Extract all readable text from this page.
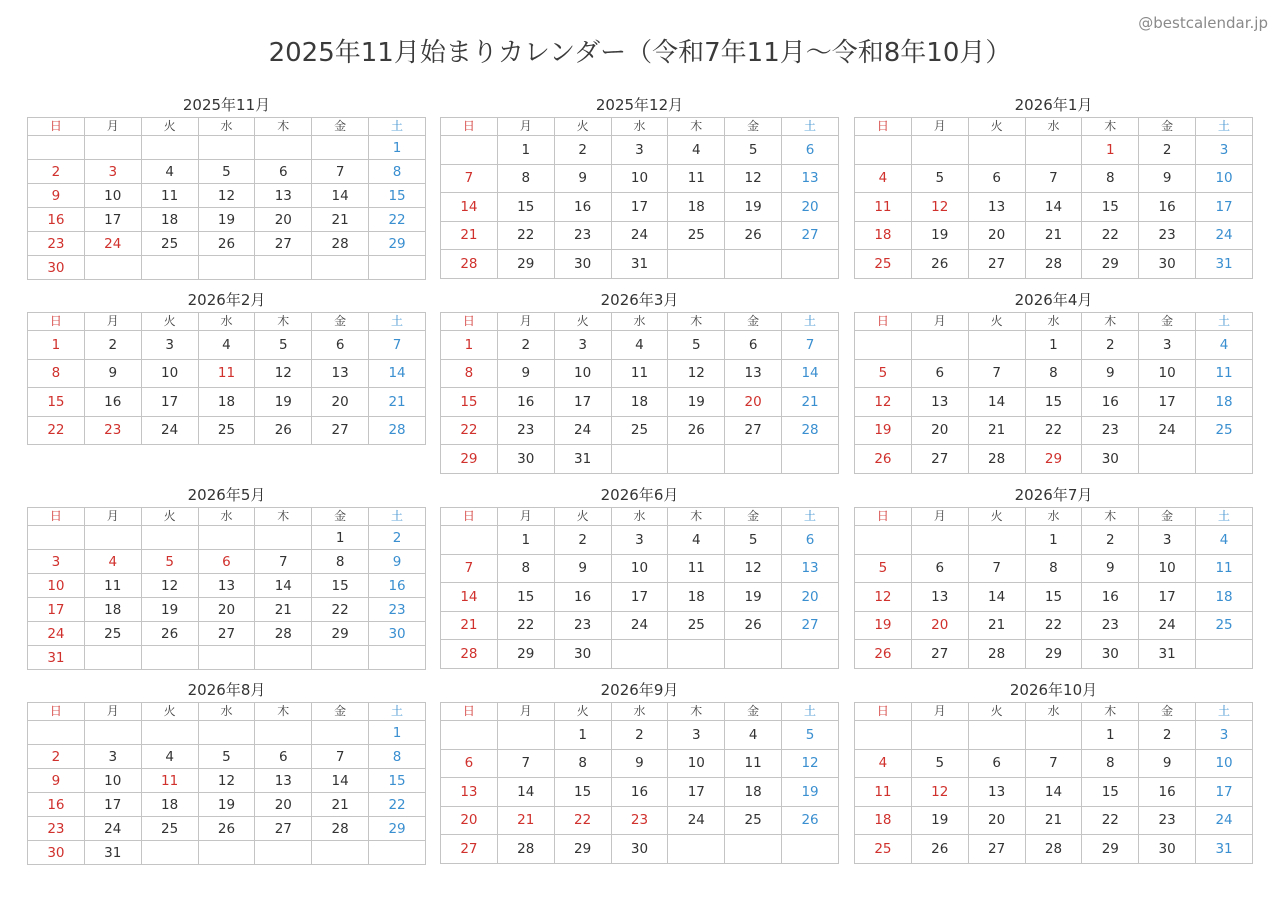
@bestcalendar.jp
2025年11月始まりカレンダー（令和7年11月〜令和8年10月）
2025年11月
日	月	火	水	木	金	土
						1
2	3	4	5	6	7	8
9	10	11	12	13	14	15
16	17	18	19	20	21	22
23	24	25	26	27	28	29
30						
2025年12月
日	月	火	水	木	金	土
	1	2	3	4	5	6
7	8	9	10	11	12	13
14	15	16	17	18	19	20
21	22	23	24	25	26	27
28	29	30	31			
2026年1月
日	月	火	水	木	金	土
				1	2	3
4	5	6	7	8	9	10
11	12	13	14	15	16	17
18	19	20	21	22	23	24
25	26	27	28	29	30	31
2026年2月
日	月	火	水	木	金	土
1	2	3	4	5	6	7
8	9	10	11	12	13	14
15	16	17	18	19	20	21
22	23	24	25	26	27	28
2026年3月
日	月	火	水	木	金	土
1	2	3	4	5	6	7
8	9	10	11	12	13	14
15	16	17	18	19	20	21
22	23	24	25	26	27	28
29	30	31				
2026年4月
日	月	火	水	木	金	土
			1	2	3	4
5	6	7	8	9	10	11
12	13	14	15	16	17	18
19	20	21	22	23	24	25
26	27	28	29	30		
2026年5月
日	月	火	水	木	金	土
					1	2
3	4	5	6	7	8	9
10	11	12	13	14	15	16
17	18	19	20	21	22	23
24	25	26	27	28	29	30
31						
2026年6月
日	月	火	水	木	金	土
	1	2	3	4	5	6
7	8	9	10	11	12	13
14	15	16	17	18	19	20
21	22	23	24	25	26	27
28	29	30				
2026年7月
日	月	火	水	木	金	土
			1	2	3	4
5	6	7	8	9	10	11
12	13	14	15	16	17	18
19	20	21	22	23	24	25
26	27	28	29	30	31	
2026年8月
日	月	火	水	木	金	土
						1
2	3	4	5	6	7	8
9	10	11	12	13	14	15
16	17	18	19	20	21	22
23	24	25	26	27	28	29
30	31					
2026年9月
日	月	火	水	木	金	土
		1	2	3	4	5
6	7	8	9	10	11	12
13	14	15	16	17	18	19
20	21	22	23	24	25	26
27	28	29	30			
2026年10月
日	月	火	水	木	金	土
				1	2	3
4	5	6	7	8	9	10
11	12	13	14	15	16	17
18	19	20	21	22	23	24
25	26	27	28	29	30	31
